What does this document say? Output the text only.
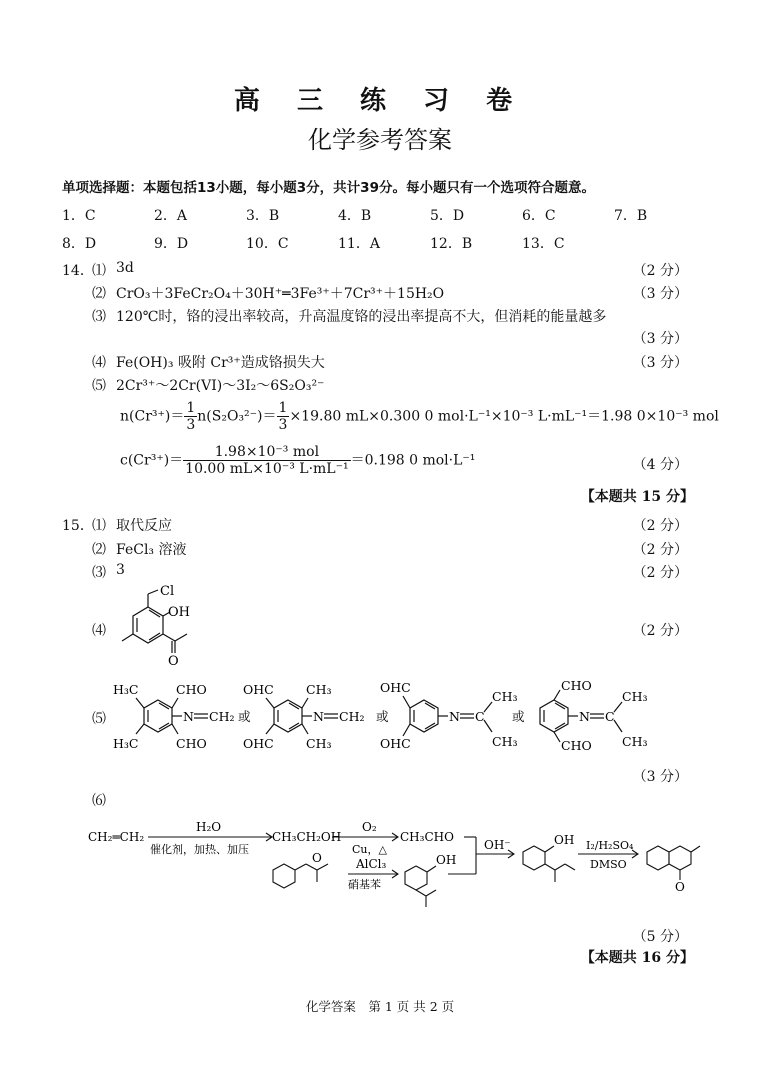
高 三 练 习 卷
化学参考答案
单项选择题：本题包括13小题，每小题3分，共计39分。每小题只有一个选项符合题意。
1．C	2．A	3．B	4．B	5．D	6．C	7．B
8．D	9．D	10．C	11．A	12．B	13．C
14．
⑴ 3d	（2 分）
⑵ CrO₃＋3FeCr₂O₄＋30H⁺═3Fe³⁺＋7Cr³⁺＋15H₂O	（3 分）
⑶ 120℃时，铬的浸出率较高，升高温度铬的浸出率提高不大，但消耗的能量越多
（3 分）
⑷ Fe(OH)₃ 吸附 Cr³⁺造成铬损失大	（3 分）
⑸ 2Cr³⁺～2Cr(VI)～3I₂～6S₂O₃²⁻
$n(Cr^{3+})= \frac{1}{3} n(S_2O_3^{2-})= \frac{1}{3} \times 19.80$ mL×0.300 0 mol·L⁻¹×10⁻³ L·mL⁻¹＝1.98 0×10⁻³ mol
$c(Cr^{3+})= \frac{\text{1.98×10⁻³ mol}}{\text{10.00 mL×10⁻³ L·mL⁻¹}} =0.198$ 0 mol·L⁻¹	（4 分）
【本题共 15 分】
15．
⑴ 取代反应	（2 分）
⑵ FeCl₃ 溶液	（2 分）
⑶ 3	（2 分）
⑷	（2 分）
Cl
OH
O
⑸
H₃C	CHO
N CH₂
H₃C	CHO
或
OHC	CH₃
N CH₂
OHC	CH₃
或
OHC
N C
CH₃
OHC	CH₃
或
CHO
N C
CHO
CH₃
CH₃
（3 分）
⑹
CH₂═CH₂
H₂O
催化剂，加热、加压
CH₃CH₂OH
O₂
Cu，△
CH₃CHO
AlCl₃
硝基苯
OH⁻	I₂/H₂SO₄
DMSO
O	OH
OH
O
（5 分）
【本题共 16 分】
化学答案　第 1 页 共 2 页
